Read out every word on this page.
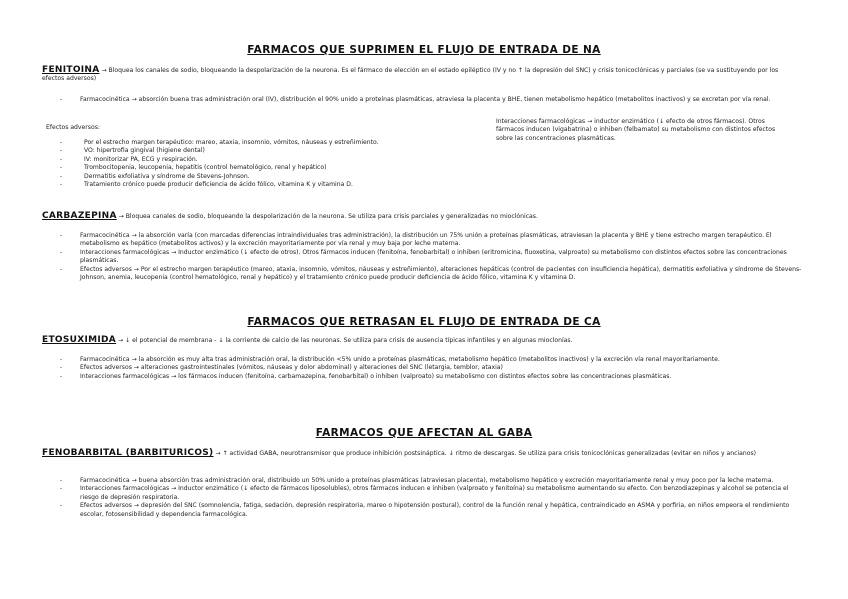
FARMACOS QUE SUPRIMEN EL FLUJO DE ENTRADA DE NA
FENITOINA → Bloquea los canales de sodio, bloqueando la despolarización de la neurona. Es el fármaco de elección en el estado epiléptico (IV y no ↑ la depresión del SNC) y crisis tonicoclónicas y parciales (se va sustituyendo por los efectos adversos)
- Farmacocinética → absorción buena tras administración oral (IV), distribución el 90% unido a proteínas plasmáticas, atraviesa la placenta y BHE, tienen metabolismo hepático (metabolitos inactivos) y se excretan por vía renal.
Efectos adversos:
- Por el estrecho margen terapéutico: mareo, ataxia, insomnio, vómitos, náuseas y estreñimiento.
- VO: hipertrofia gingival (higiene dental)
- IV: monitorizar PA, ECG y respiración.
- Trombocitopenia, leucopenia, hepatitis (control hematológico, renal y hepático)
- Dermatitis exfoliativa y síndrome de Stevens-Johnson.
- Tratamiento crónico puede producir deficiencia de ácido fólico, vitamina K y vitamina D.
Interacciones farmacológicas → inductor enzimático (↓ efecto de otros fármacos). Otros fármacos inducen (vigabatrina) o inhiben (felbamato) su metabolismo con distintos efectos sobre las concentraciones plasmáticas.
CARBAZEPINA → Bloquea canales de sodio, bloqueando la despolarización de la neurona. Se utiliza para crisis parciales y generalizadas no mioclónicas.
- Farmacocinética → la absorción varía (con marcadas diferencias intraindividuales tras administración), la distribución un 75% unión a proteínas plasmáticas, atraviesan la placenta y BHE y tiene estrecho margen terapéutico. El metabolismo es hepático (metabolitos activos) y la excreción mayoritariamente por vía renal y muy baja por leche materna.
- Interacciones farmacológicas → Inductor enzimático (↓ efecto de otros). Otros fármacos inducen (fenitoína, fenobarbital) o inhiben (eritromicina, fluoxetina, valproato) su metabolismo con distintos efectos sobre las concentraciones plasmáticas.
- Efectos adversos → Por el estrecho margen terapéutico (mareo, ataxia, insomnio, vómitos, náuseas y estreñimiento), alteraciones hepáticas (control de pacientes con insuficiencia hepática), dermatitis exfoliativa y síndrome de Stevens-Johnson, anemia, leucopenia (control hematológico, renal y hepático) y el tratamiento crónico puede producir deficiencia de ácido fólico, vitamina K y vitamina D.
FARMACOS QUE RETRASAN EL FLUJO DE ENTRADA DE CA
ETOSUXIMIDA → ↓ el potencial de membrana - ↓ la corriente de calcio de las neuronas. Se utiliza para crisis de ausencia típicas infantiles y en algunas mioclonías.
- Farmacocinética → la absorción es muy alta tras administración oral, la distribución <5% unido a proteínas plasmáticas, metabolismo hepático (metabolitos inactivos) y la excreción vía renal mayoritariamente.
- Efectos adversos → alteraciones gastrointestinales (vómitos, náuseas y dolor abdominal) y alteraciones del SNC (letargia, temblor, ataxia)
- Interacciones farmacológicas → los fármacos inducen (fenitoína, carbamazepina, fenobarbital) o inhiben (valproato) su metabolismo con distintos efectos sobre las concentraciones plasmáticas.
FARMACOS QUE AFECTAN AL GABA
FENOBARBITAL (BARBITURICOS) → ↑ actividad GABA, neurotransmisor que produce inhibición postsináptica. ↓ ritmo de descargas. Se utiliza para crisis tonicoclónicas generalizadas (evitar en niños y ancianos)
- Farmacocinética → buena absorción tras administración oral, distribuido un 50% unido a proteínas plasmáticas (atraviesan placenta), metabolismo hepático y excreción mayoritariamente renal y muy poco por la leche materna.
- Interacciones farmacológicas → Inductor enzimático (↓ efecto de fármacos liposolubles), otros fármacos inducen e inhiben (valproato y fenitoína) su metabolismo aumentando su efecto. Con benzodiazepinas y alcohol se potencia el riesgo de depresión respiratoria.
- Efectos adversos → depresión del SNC (somnolencia, fatiga, sedación, depresión respiratoria, mareo o hipotensión postural), control de la función renal y hepática, contraindicado en ASMA y porfiria, en niños empeora el rendimiento escolar, fotosensibilidad y dependencia farmacológica.
